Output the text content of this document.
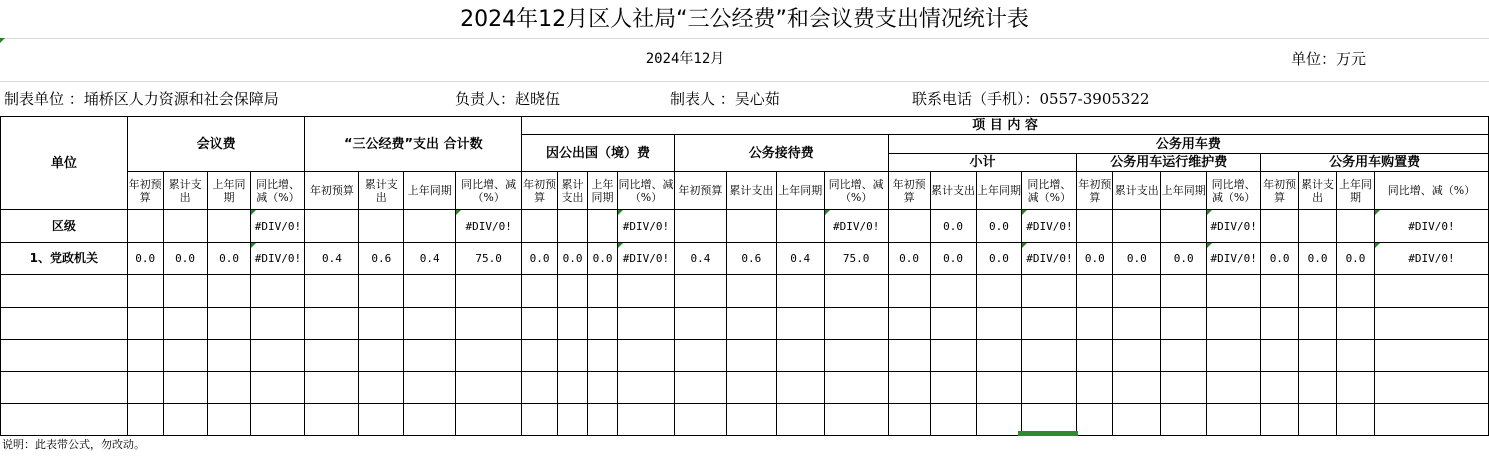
2024年12月区人社局“三公经费”和会议费支出情况统计表
2024年12月	单位：万元
制表单位 ：埇桥区人力资源和社会保障局	负责人：赵晓伍	制表人 ：吴心茹	联系电话（手机）：0557-3905322
单位	会议费				“三公经费”支出 合计数				项 目 内 容																			
									因公出国（境）费				公务接待费				公务用车费											
																	小计				公务用车运行维护费				公务用车购置费			
	年初预算	累计支出	上年同期	同比增、减（%）	年初预算	累计支出	上年同期	同比增、减（%）	年初预算	累计支出	上年同期	同比增、减（%）	年初预算	累计支出	上年同期	同比增、减（%）	年初预算	累计支出	上年同期	同比增、减（%）	年初预算	累计支出	上年同期	同比增、减（%）	年初预算	累计支出	上年同期	同比增、减（%）
区级				#DIV/0!				#DIV/0!				#DIV/0!				#DIV/0!		0.0	0.0	#DIV/0!				#DIV/0!				#DIV/0!
1、党政机关	0.0	0.0	0.0	#DIV/0!	0.4	0.6	0.4	75.0	0.0	0.0	0.0	#DIV/0!	0.4	0.6	0.4	75.0	0.0	0.0	0.0	#DIV/0!	0.0	0.0	0.0	#DIV/0!	0.0	0.0	0.0	#DIV/0!

说明：此表带公式，勿改动。
